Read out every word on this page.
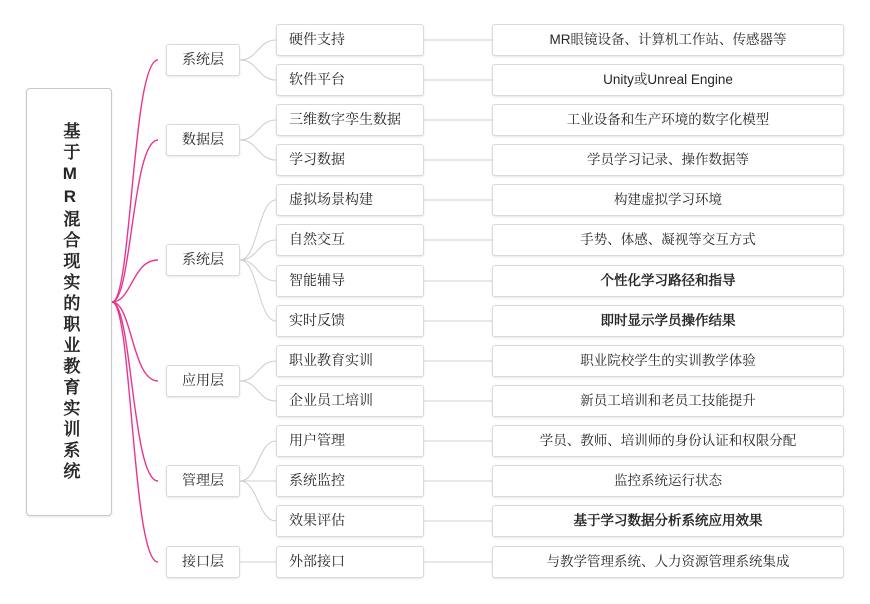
基于MR混合现实的职业教育实训系统
系统层
数据层
系统层
应用层
管理层
接口层
硬件支持
软件平台
三维数字孪生数据
学习数据
虚拟场景构建
自然交互
智能辅导
实时反馈
职业教育实训
企业员工培训
用户管理
系统监控
效果评估
外部接口
MR眼镜设备、计算机工作站、传感器等
Unity或Unreal Engine
工业设备和生产环境的数字化模型
学员学习记录、操作数据等
构建虚拟学习环境
手势、体感、凝视等交互方式
个性化学习路径和指导
即时显示学员操作结果
职业院校学生的实训教学体验
新员工培训和老员工技能提升
学员、教师、培训师的身份认证和权限分配
监控系统运行状态
基于学习数据分析系统应用效果
与教学管理系统、人力资源管理系统集成
